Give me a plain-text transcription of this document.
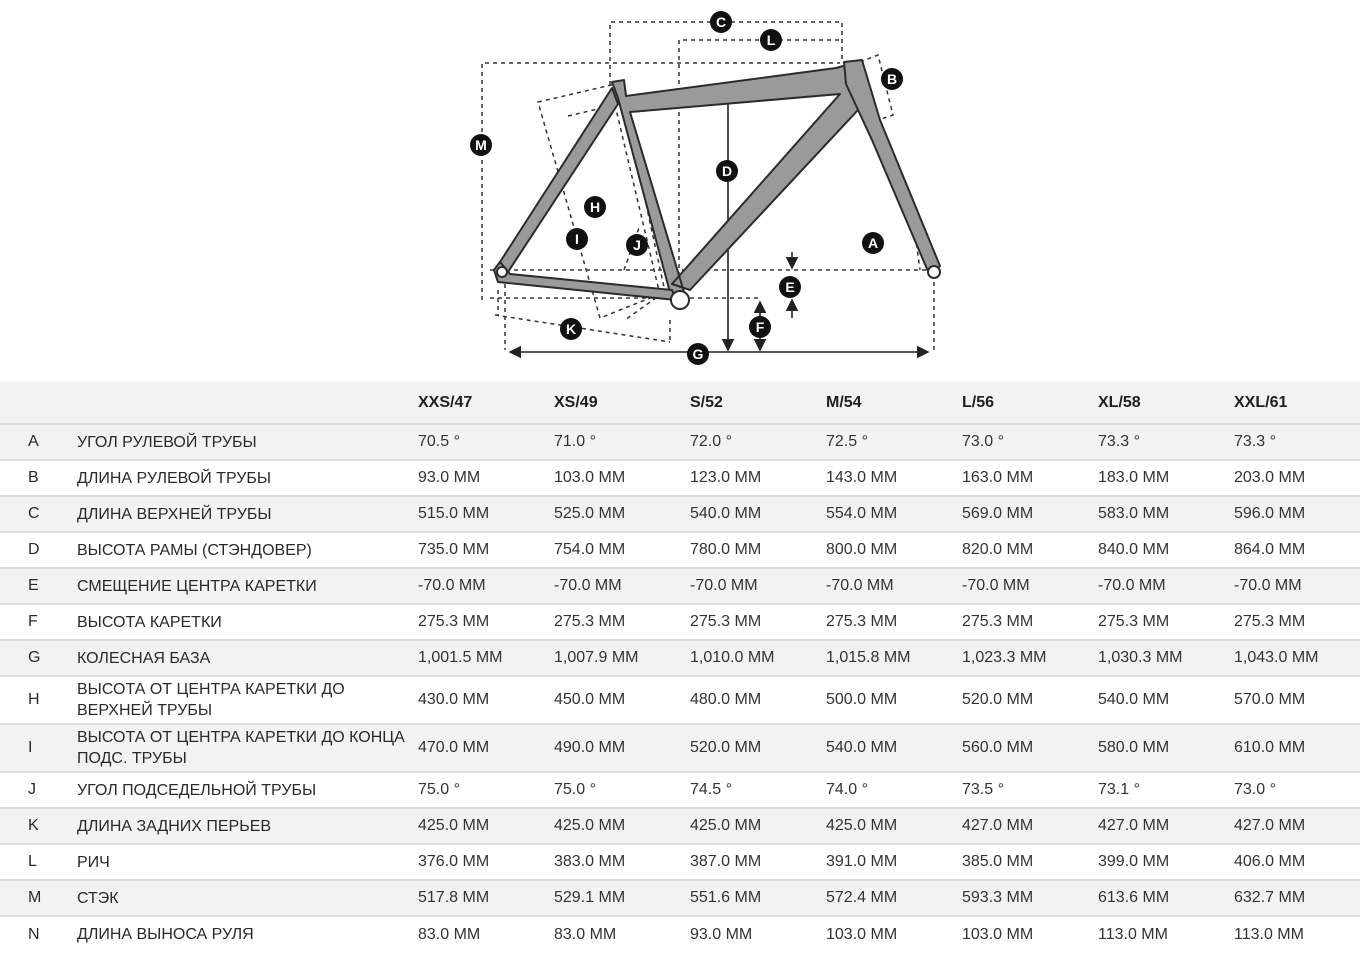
A
B
C
D
E
F
G
H
I	J
K
L
M
		XXS/47	XS/49	S/52	M/54	L/56	XL/58	XXL/61
A	УГОЛ РУЛЕВОЙ ТРУБЫ	70.5 °	71.0 °	72.0 °	72.5 °	73.0 °	73.3 °	73.3 °
B	ДЛИНА РУЛЕВОЙ ТРУБЫ	93.0 MM	103.0 MM	123.0 MM	143.0 MM	163.0 MM	183.0 MM	203.0 MM
C	ДЛИНА ВЕРХНЕЙ ТРУБЫ	515.0 MM	525.0 MM	540.0 MM	554.0 MM	569.0 MM	583.0 MM	596.0 MM
D	ВЫСОТА РАМЫ (СТЭНДОВЕР)	735.0 MM	754.0 MM	780.0 MM	800.0 MM	820.0 MM	840.0 MM	864.0 MM
E	СМЕЩЕНИЕ ЦЕНТРА КАРЕТКИ	-70.0 MM	-70.0 MM	-70.0 MM	-70.0 MM	-70.0 MM	-70.0 MM	-70.0 MM
F	ВЫСОТА КАРЕТКИ	275.3 MM	275.3 MM	275.3 MM	275.3 MM	275.3 MM	275.3 MM	275.3 MM
G	КОЛЕСНАЯ БАЗА	1,001.5 MM	1,007.9 MM	1,010.0 MM	1,015.8 MM	1,023.3 MM	1,030.3 MM	1,043.0 MM
H	ВЫСОТА ОТ ЦЕНТРА КАРЕТКИ ДО ВЕРХНЕЙ ТРУБЫ	430.0 MM	450.0 MM	480.0 MM	500.0 MM	520.0 MM	540.0 MM	570.0 MM
I	ВЫСОТА ОТ ЦЕНТРА КАРЕТКИ ДО КОНЦА ПОДС. ТРУБЫ	470.0 MM	490.0 MM	520.0 MM	540.0 MM	560.0 MM	580.0 MM	610.0 MM
J	УГОЛ ПОДСЕДЕЛЬНОЙ ТРУБЫ	75.0 °	75.0 °	74.5 °	74.0 °	73.5 °	73.1 °	73.0 °
K	ДЛИНА ЗАДНИХ ПЕРЬЕВ	425.0 MM	425.0 MM	425.0 MM	425.0 MM	427.0 MM	427.0 MM	427.0 MM
L	РИЧ	376.0 MM	383.0 MM	387.0 MM	391.0 MM	385.0 MM	399.0 MM	406.0 MM
M	СТЭК	517.8 MM	529.1 MM	551.6 MM	572.4 MM	593.3 MM	613.6 MM	632.7 MM
N	ДЛИНА ВЫНОСА РУЛЯ	83.0 MM	83.0 MM	93.0 MM	103.0 MM	103.0 MM	113.0 MM	113.0 MM
